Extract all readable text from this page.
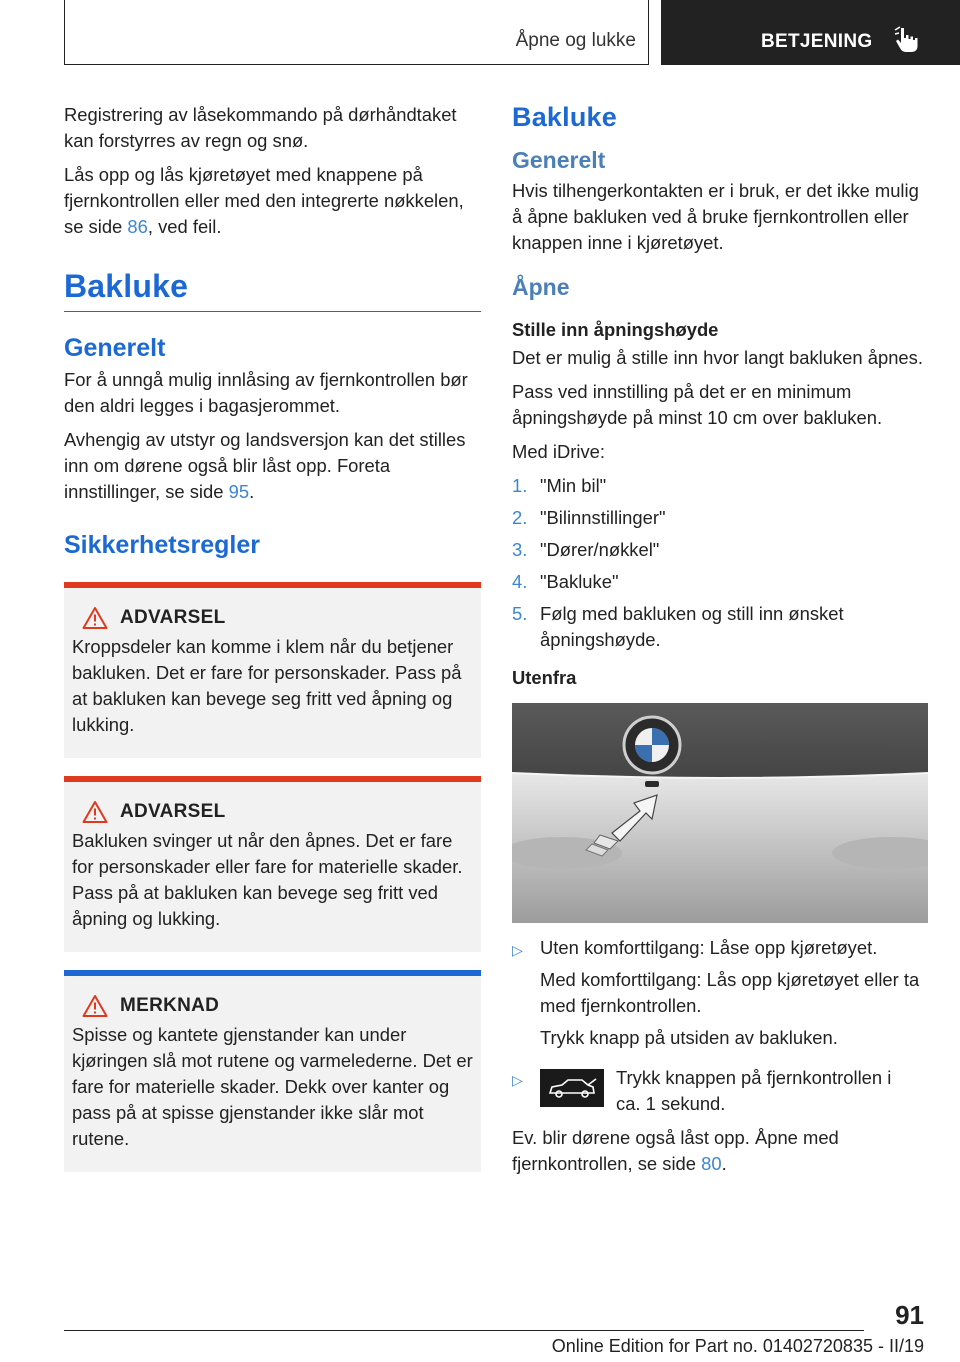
Åpne og lukke	BETJENING

Registrering av låsekommando på dørhåndtaket kan forstyrres av regn og snø.

Lås opp og lås kjøretøyet med knappene på fjernkontrollen eller med den integrerte nøkkelen, se side 86, ved feil.

Bakluke
Generelt

For å unngå mulig innlåsing av fjernkontrollen bør den aldri legges i bagasjerommet.

Avhengig av utstyr og landsversjon kan det stilles inn om dørene også blir låst opp. Foreta innstillinger, se side 95.

Sikkerhetsregler
ADVARSEL

Kroppsdeler kan komme i klem når du betjener bakluken. Det er fare for personskader. Pass på at bakluken kan bevege seg fritt ved åpning og lukking.

ADVARSEL

Bakluken svinger ut når den åpnes. Det er fare for personskader eller fare for materielle skader. Pass på at bakluken kan bevege seg fritt ved åpning og lukking.

MERKNAD

Spisse og kantete gjenstander kan under kjøringen slå mot rutene og varmelederne. Det er fare for materielle skader. Dekk over kanter og pass på at spisse gjenstander ikke slår mot rutene.

Bakluke
Generelt

Hvis tilhengerkontakten er i bruk, er det ikke mulig å åpne bakluken ved å bruke fjernkontrollen eller knappen inne i kjøretøyet.

Åpne
Stille inn åpningshøyde

Det er mulig å stille inn hvor langt bakluken åpnes.

Pass ved innstilling på det er en minimum åpningshøyde på minst 10 cm over bakluken.

Med iDrive:

1. "Min bil"
2. "Bilinnstillinger"
3. "Dører/nøkkel"
4. "Bakluke"
5. Følg med bakluken og still inn ønsket åpningshøyde.
Utenfra
▷ Uten komforttilgang: Låse opp kjøretøyet.

Med komforttilgang: Lås opp kjøretøyet eller ta med fjernkontrollen.

Trykk knapp på utsiden av bakluken.

▷	Trykk knappen på fjernkontrollen i ca. 1 sekund.

Ev. blir dørene også låst opp. Åpne med fjernkontrollen, se side 80.

91
Online Edition for Part no. 01402720835 - II/19
